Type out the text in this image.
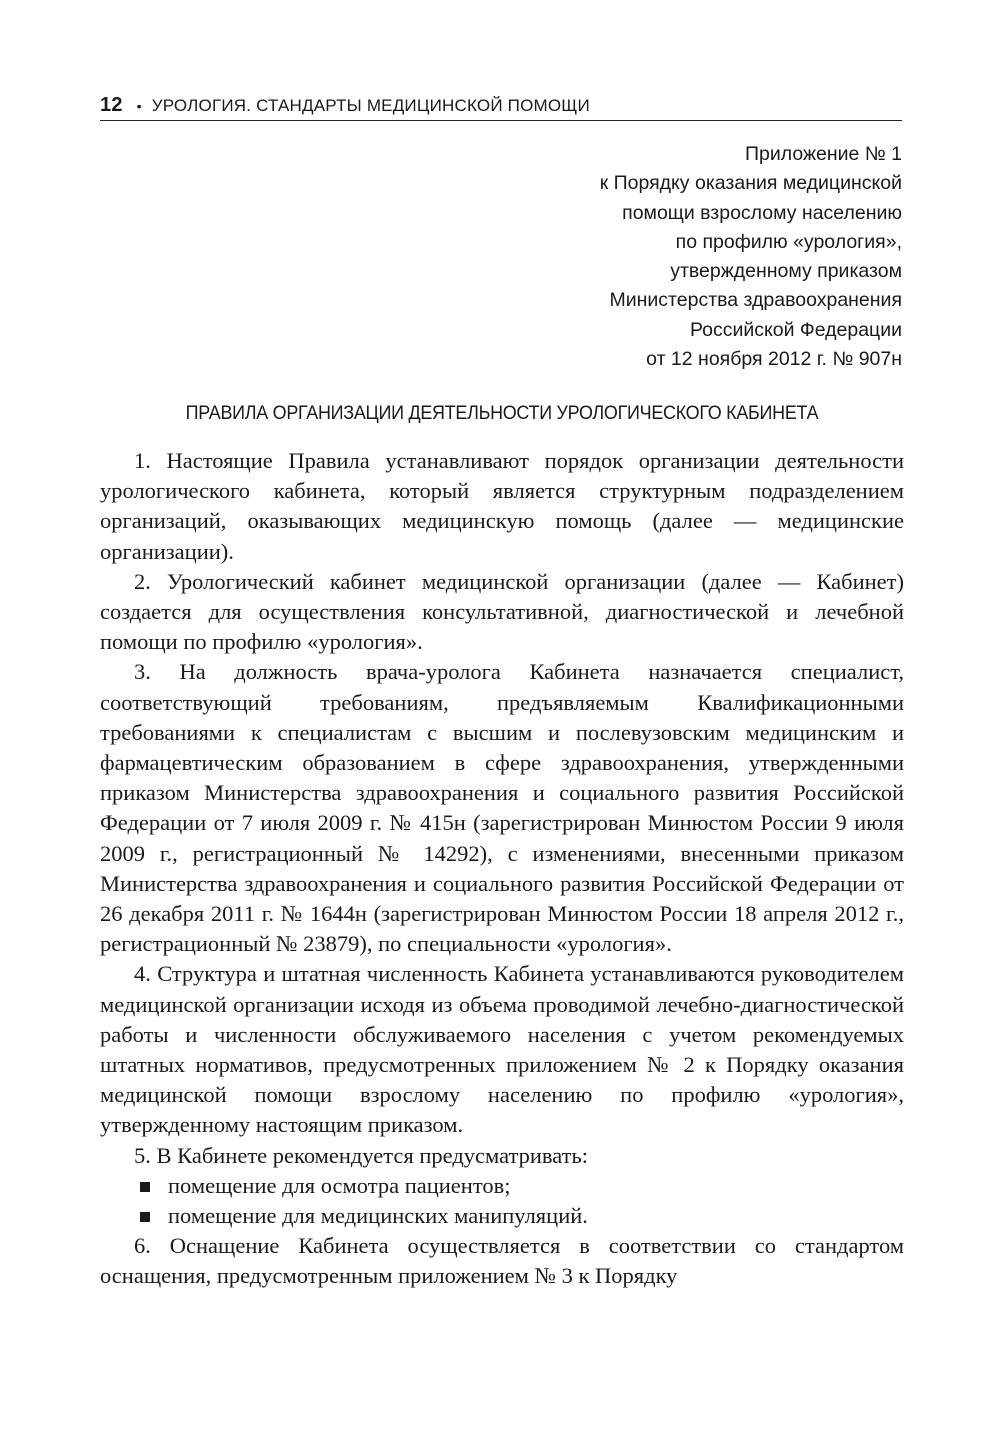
12 • УРОЛОГИЯ. СТАНДАРТЫ МЕДИЦИНСКОЙ ПОМОЩИ
Приложение № 1
к Порядку оказания медицинской
помощи взрослому населению
по профилю «урология»,
утвержденному приказом
Министерства здравоохранения
Российской Федерации
от 12 ноября 2012 г. № 907н
ПРАВИЛА ОРГАНИЗАЦИИ ДЕЯТЕЛЬНОСТИ УРОЛОГИЧЕСКОГО КАБИНЕТА

1. Настоящие Правила устанавливают порядок организации деятельности урологического кабинета, который является структурным подразделением организаций, оказывающих медицинскую помощь (далее — медицинские организации).

2. Урологический кабинет медицинской организации (далее — Кабинет) создается для осуществления консультативной, диагностической и лечебной помощи по профилю «урология».

3. На должность врача-уролога Кабинета назначается специалист, соответствующий требованиям, предъявляемым Квалификационными требованиями к специалистам с высшим и послевузовским медицинским и фармацевтическим образованием в сфере здравоохранения, утвержденными приказом Министерства здравоохранения и социального развития Российской Федерации от 7 июля 2009 г. № 415н (зарегистрирован Минюстом России 9 июля 2009 г., регистрационный № 14292), с изменениями, внесенными приказом Министерства здравоохранения и социального развития Российской Федерации от 26 декабря 2011 г. № 1644н (зарегистрирован Минюстом России 18 апреля 2012 г., регистрационный № 23879), по специальности «урология».

4. Структура и штатная численность Кабинета устанавливаются руководителем медицинской организации исходя из объема проводимой лечебно-диагностической работы и численности обслуживаемого населения с учетом рекомендуемых штатных нормативов, предусмотренных приложением № 2 к Порядку оказания медицинской помощи взрослому населению по профилю «урология», утвержденному настоящим приказом.

5. В Кабинете рекомендуется предусматривать:

помещение для осмотра пациентов;
помещение для медицинских манипуляций.

6. Оснащение Кабинета осуществляется в соответствии со стандартом оснащения, предусмотренным приложением № 3 к Порядку
